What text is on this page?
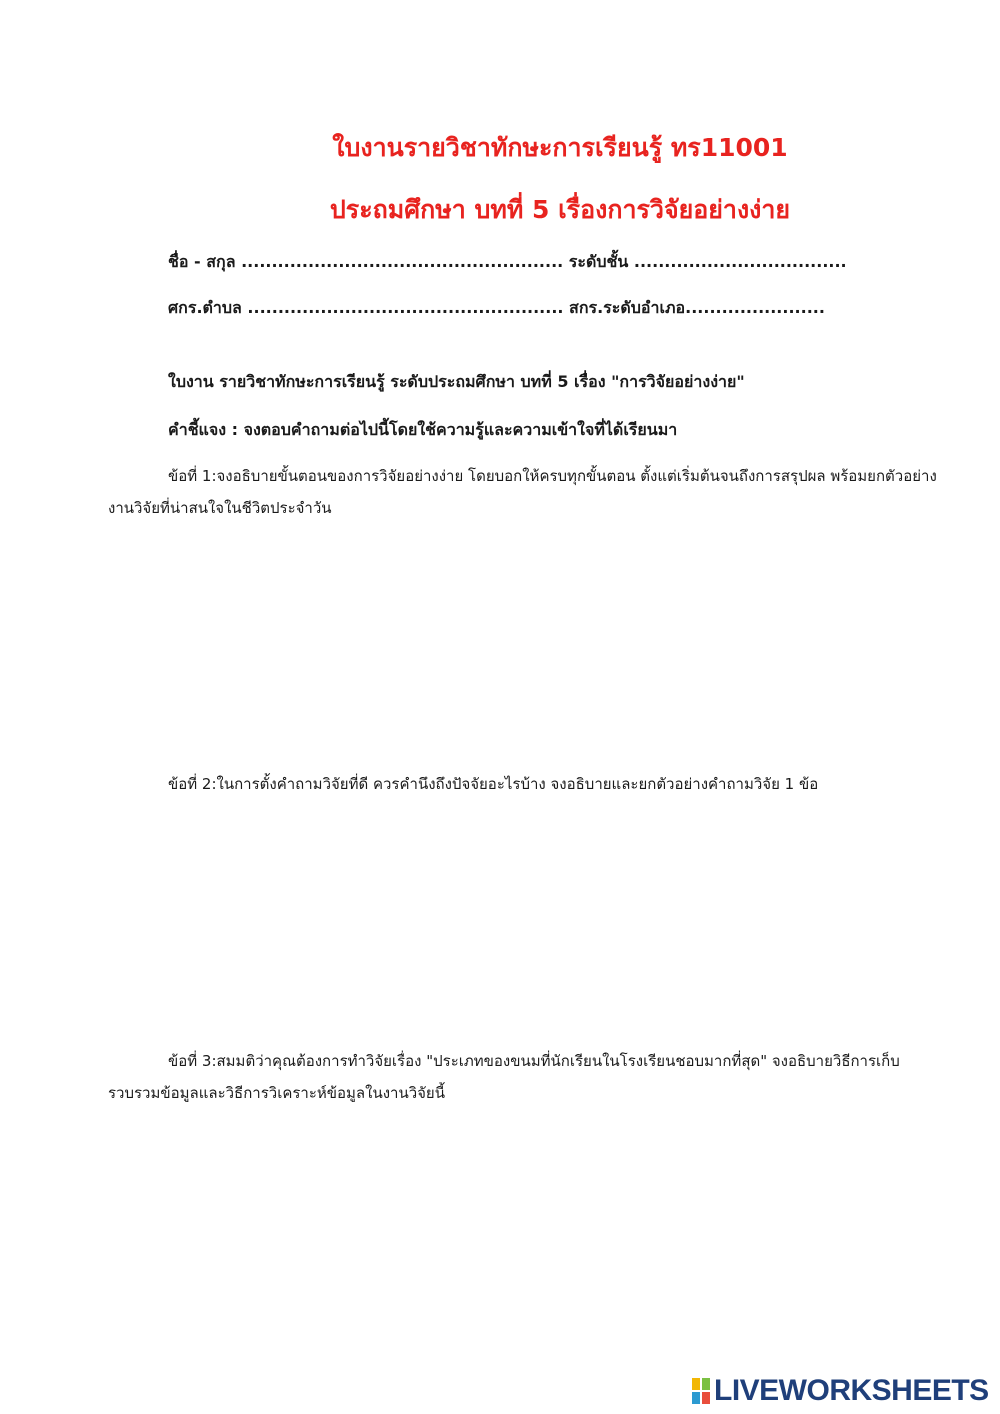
ใบงานรายวิชาทักษะการเรียนรู้ ทร11001
ประถมศึกษา บทที่ 5 เรื่องการวิจัยอย่างง่าย
ชื่อ - สกุล ..................................................... ระดับชั้น ...................................
ศกร.ตำบล .................................................... สกร.ระดับอำเภอ.......................
ใบงาน รายวิชาทักษะการเรียนรู้ ระดับประถมศึกษา บทที่ 5 เรื่อง "การวิจัยอย่างง่าย"
คำชี้แจง : จงตอบคำถามต่อไปนี้โดยใช้ความรู้และความเข้าใจที่ได้เรียนมา
ข้อที่ 1:จงอธิบายขั้นตอนของการวิจัยอย่างง่าย โดยบอกให้ครบทุกขั้นตอน ตั้งแต่เริ่มต้นจนถึงการสรุปผล พร้อมยกตัวอย่างงานวิจัยที่น่าสนใจในชีวิตประจำวัน
ข้อที่ 2:ในการตั้งคำถามวิจัยที่ดี ควรคำนึงถึงปัจจัยอะไรบ้าง จงอธิบายและยกตัวอย่างคำถามวิจัย 1 ข้อ
ข้อที่ 3:สมมติว่าคุณต้องการทำวิจัยเรื่อง "ประเภทของขนมที่นักเรียนในโรงเรียนชอบมากที่สุด" จงอธิบายวิธีการเก็บรวบรวมข้อมูลและวิธีการวิเคราะห์ข้อมูลในงานวิจัยนี้
LIVEWORKSHEETS
